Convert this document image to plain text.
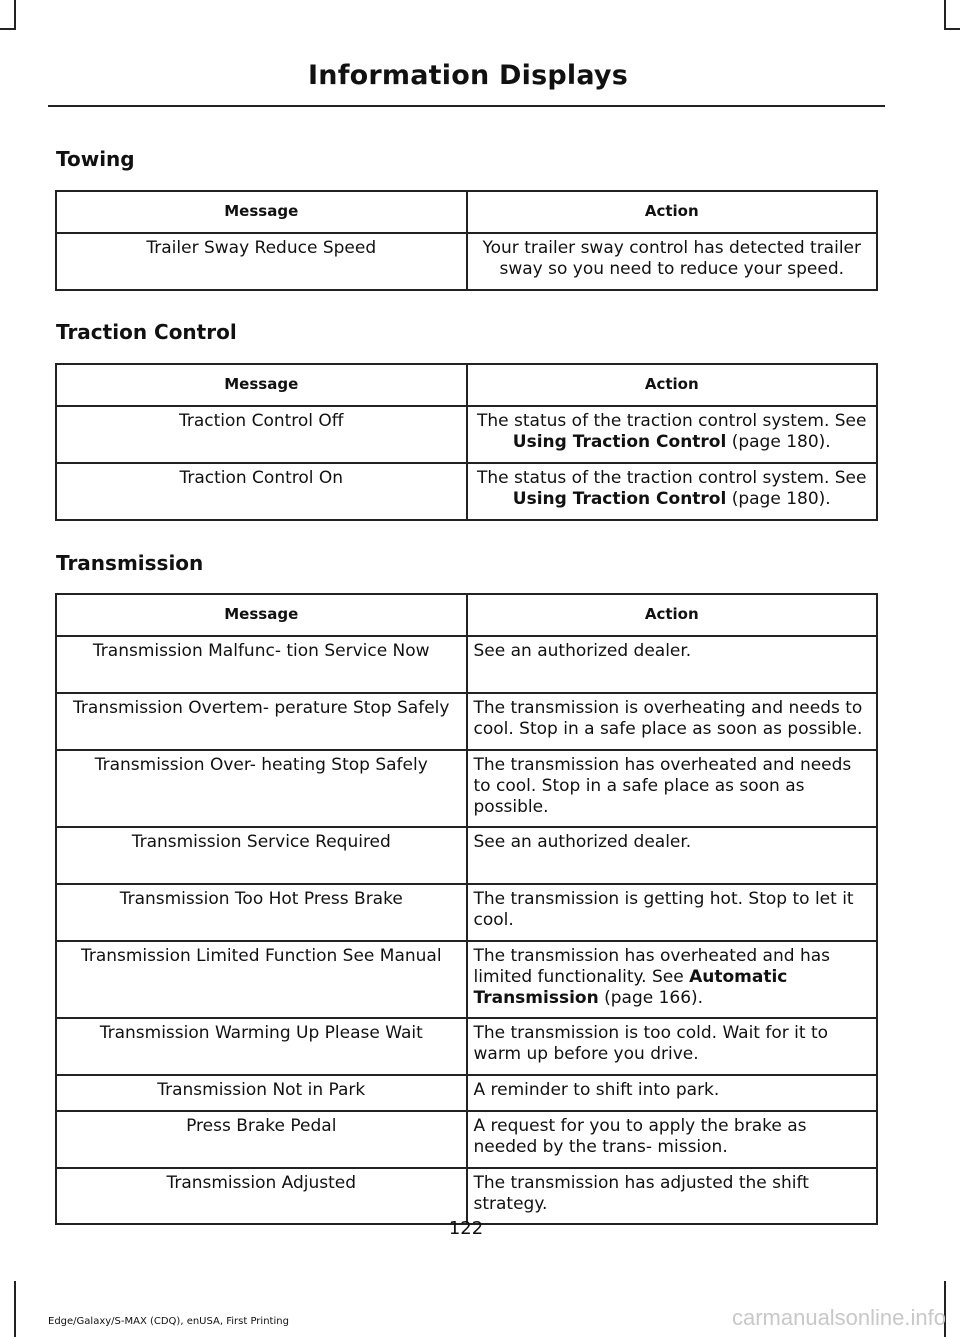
Information Displays
Towing
Message	Action
Trailer Sway Reduce Speed	Your trailer sway control has detected trailer sway so you need to reduce your speed.
Traction Control
Message	Action
Traction Control Off	The status of the traction control system. See Using Traction Control (page 180).
Traction Control On	The status of the traction control system. See Using Traction Control (page 180).
Transmission
Message	Action
Transmission Malfunc- tion Service Now	See an authorized dealer.
Transmission Overtem- perature Stop Safely	The transmission is overheating and needs to cool. Stop in a safe place as soon as possible.
Transmission Over- heating Stop Safely	The transmission has overheated and needs to cool. Stop in a safe place as soon as possible.
Transmission Service Required	See an authorized dealer.
Transmission Too Hot Press Brake	The transmission is getting hot. Stop to let it cool.
Transmission Limited Function See Manual	The transmission has overheated and has limited functionality. See Automatic Transmission (page 166).
Transmission Warming Up Please Wait	The transmission is too cold. Wait for it to warm up before you drive.
Transmission Not in Park	A reminder to shift into park.
Press Brake Pedal	A request for you to apply the brake as needed by the trans- mission.
Transmission Adjusted	The transmission has adjusted the shift strategy.
122
Edge/Galaxy/S-MAX (CDQ), enUSA, First Printing	carmanualsonline.info
